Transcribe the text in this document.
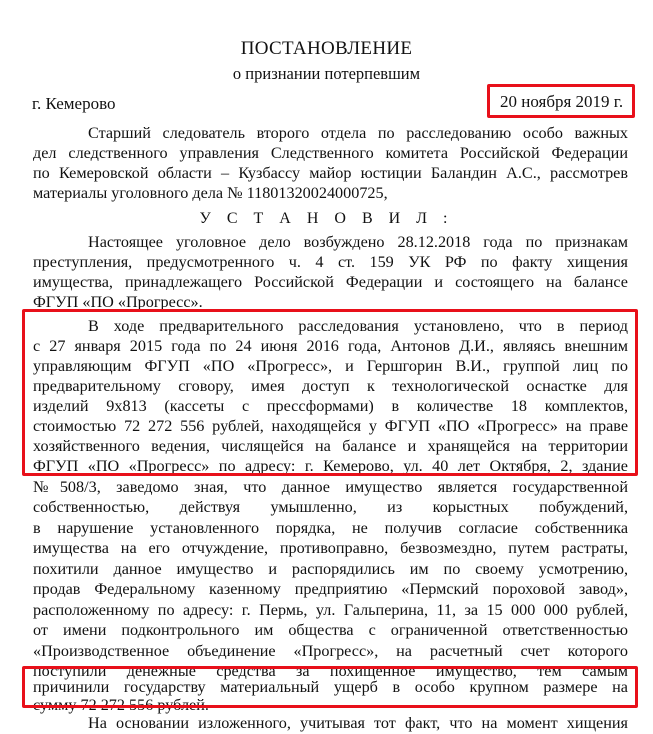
ПОСТАНОВЛЕНИЕ
о признании потерпевшим
г. Кемерово	20 ноября 2019 г.
Старший следователь второго отдела по расследованию особо важных
дел следственного управления Следственного комитета Российской Федерации
по Кемеровской области – Кузбассу майор юстиции Баландин А.С., рассмотрев
материалы уголовного дела № 11801320024000725,
У С Т А Н О В И Л :
Настоящее уголовное дело возбуждено 28.12.2018 года по признакам
преступления, предусмотренного ч. 4 ст. 159 УК РФ по факту хищения
имущества, принадлежащего Российской Федерации и состоящего на балансе
ФГУП «ПО «Прогресс».
В ходе предварительного расследования установлено, что в период
с 27 января 2015 года по 24 июня 2016 года, Антонов Д.И., являясь внешним
управляющим ФГУП «ПО «Прогресс», и Гершгорин В.И., группой лиц по
предварительному сговору, имея доступ к технологической оснастке для
изделий 9х813 (кассеты с прессформами) в количестве 18 комплектов,
стоимостью 72 272 556 рублей, находящейся у ФГУП «ПО «Прогресс» на праве
хозяйственного ведения, числящейся на балансе и хранящейся на территории
ФГУП «ПО «Прогресс» по адресу: г. Кемерово, ул. 40 лет Октября, 2, здание
№508/3, заведомо зная, что данное имущество является государственной
собственностью, действуя умышленно, из корыстных побуждений,
в нарушение установленного порядка, не получив согласие собственника
имущества на его отчуждение, противоправно, безвозмездно, путем растраты,
похитили данное имущество и распорядились им по своему усмотрению,
продав Федеральному казенному предприятию «Пермский пороховой завод»,
расположенному по адресу: г. Пермь, ул. Гальперина, 11, за 15 000 000 рублей,
от имени подконтрольного им общества с ограниченной ответственностью
«Производственное объединение «Прогресс», на расчетный счет которого
поступили денежные средства за похищенное имущество, тем самым
причинили государству материальный ущерб в особо крупном размере на
сумму 72 272 556 рублей.
На основании изложенного, учитывая тот факт, что на момент хищения
